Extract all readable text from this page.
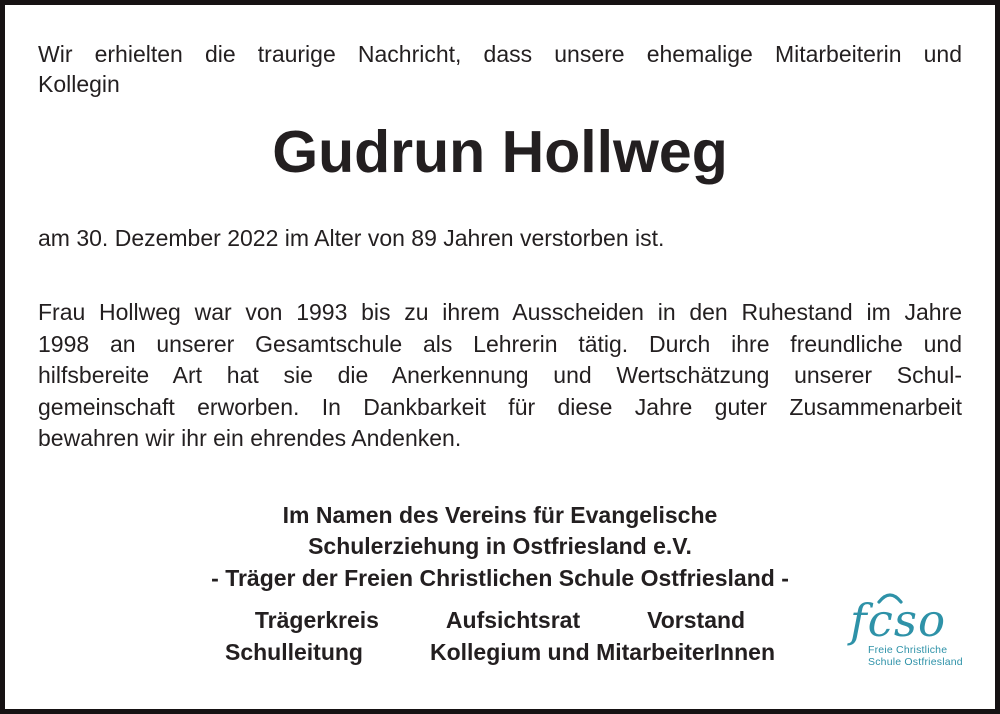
Wir erhielten die traurige Nachricht, dass unsere ehemalige Mitarbeiterin und
Kollegin
Gudrun Hollweg
am 30. Dezember 2022 im Alter von 89 Jahren verstorben ist.
Frau Hollweg war von 1993 bis zu ihrem Ausscheiden in den Ruhestand im Jahre
1998 an unserer Gesamtschule als Lehrerin tätig. Durch ihre freundliche und
hilfsbereite Art hat sie die Anerkennung und Wertschätzung unserer Schul-
gemeinschaft erworben. In Dankbarkeit für diese Jahre guter Zusammenarbeit
bewahren wir ihr ein ehrendes Andenken.
Im Namen des Vereins für Evangelische
Schulerziehung in Ostfriesland e.V.
- Träger der Freien Christlichen Schule Ostfriesland -
Trägerkreis	Aufsichtsrat	Vorstand
Schulleitung	Kollegium und MitarbeiterInnen
fcso
Freie Christliche
Schule Ostfriesland
